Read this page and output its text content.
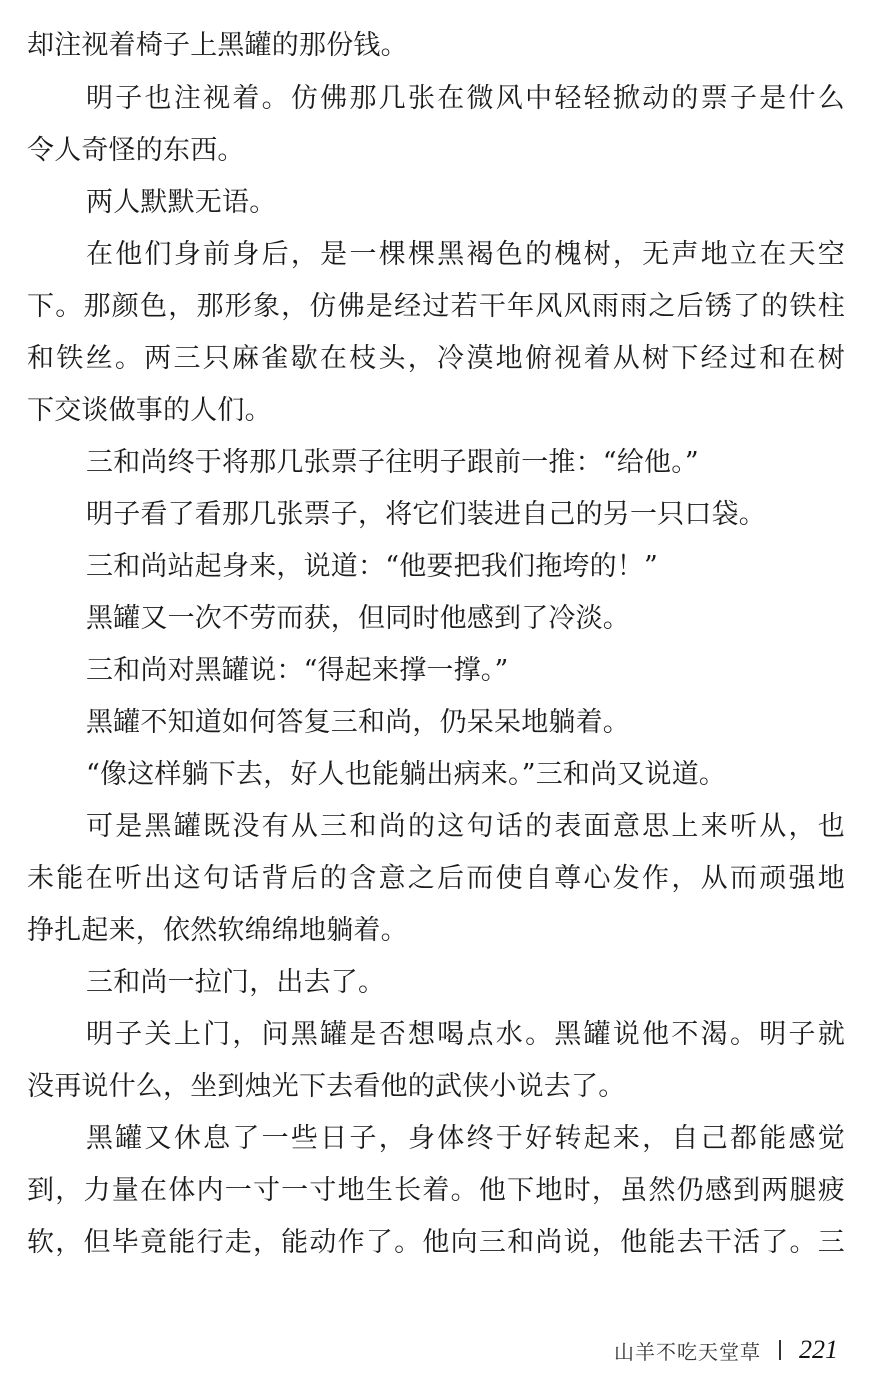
却注视着椅子上黑罐的那份钱。
明子也注视着。仿佛那几张在微风中轻轻掀动的票子是什么
令人奇怪的东西。
两人默默无语。
在他们身前身后，是一棵棵黑褐色的槐树，无声地立在天空
下。那颜色，那形象，仿佛是经过若干年风风雨雨之后锈了的铁柱
和铁丝。两三只麻雀歇在枝头，冷漠地俯视着从树下经过和在树
下交谈做事的人们。
三和尚终于将那几张票子往明子跟前一推：“给他。”
明子看了看那几张票子，将它们装进自己的另一只口袋。
三和尚站起身来，说道：“他要把我们拖垮的！”
黑罐又一次不劳而获，但同时他感到了冷淡。
三和尚对黑罐说：“得起来撑一撑。”
黑罐不知道如何答复三和尚，仍呆呆地躺着。
“像这样躺下去，好人也能躺出病来。”三和尚又说道。
可是黑罐既没有从三和尚的这句话的表面意思上来听从，也
未能在听出这句话背后的含意之后而使自尊心发作，从而顽强地
挣扎起来，依然软绵绵地躺着。
三和尚一拉门，出去了。
明子关上门，问黑罐是否想喝点水。黑罐说他不渴。明子就
没再说什么，坐到烛光下去看他的武侠小说去了。
黑罐又休息了一些日子，身体终于好转起来，自己都能感觉
到，力量在体内一寸一寸地生长着。他下地时，虽然仍感到两腿疲
软，但毕竟能行走，能动作了。他向三和尚说，他能去干活了。三
山羊不吃天堂草 221
